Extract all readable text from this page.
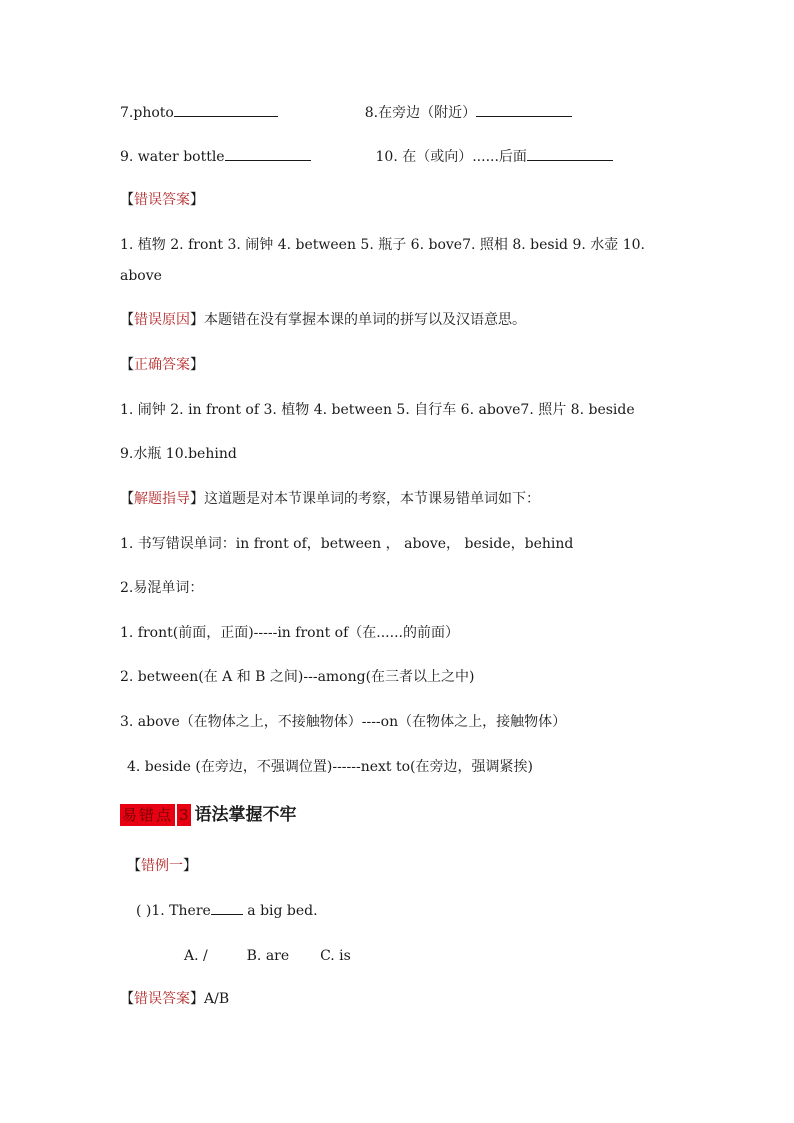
7.photo	8.在旁边（附近）
9. water bottle	10. 在（或向）......后面
【错误答案】
1. 植物 2. front 3. 闹钟 4. between 5. 瓶子 6. bove7. 照相 8. besid 9. 水壶 10.
above
【错误原因】本题错在没有掌握本课的单词的拼写以及汉语意思。
【正确答案】
1. 闹钟 2. in front of 3. 植物 4. between 5. 自行车 6. above7. 照片 8. beside
9.水瓶 10.behind
【解题指导】这道题是对本节课单词的考察，本节课易错单词如下：
1. 书写错误单词：in front of，between ， above， beside，behind
2.易混单词：
1. front(前面，正面)-----in front of（在......的前面）
2. between(在 A 和 B 之间)---among(在三者以上之中)
3. above（在物体之上，不接触物体）----on（在物体之上，接触物体）
4. beside (在旁边，不强调位置)------next to(在旁边，强调紧挨)
易错点 3 语法掌握不牢
【错例一】
( )1. There	a big bed.
A. /	B. are C. is
【错误答案】A/B
